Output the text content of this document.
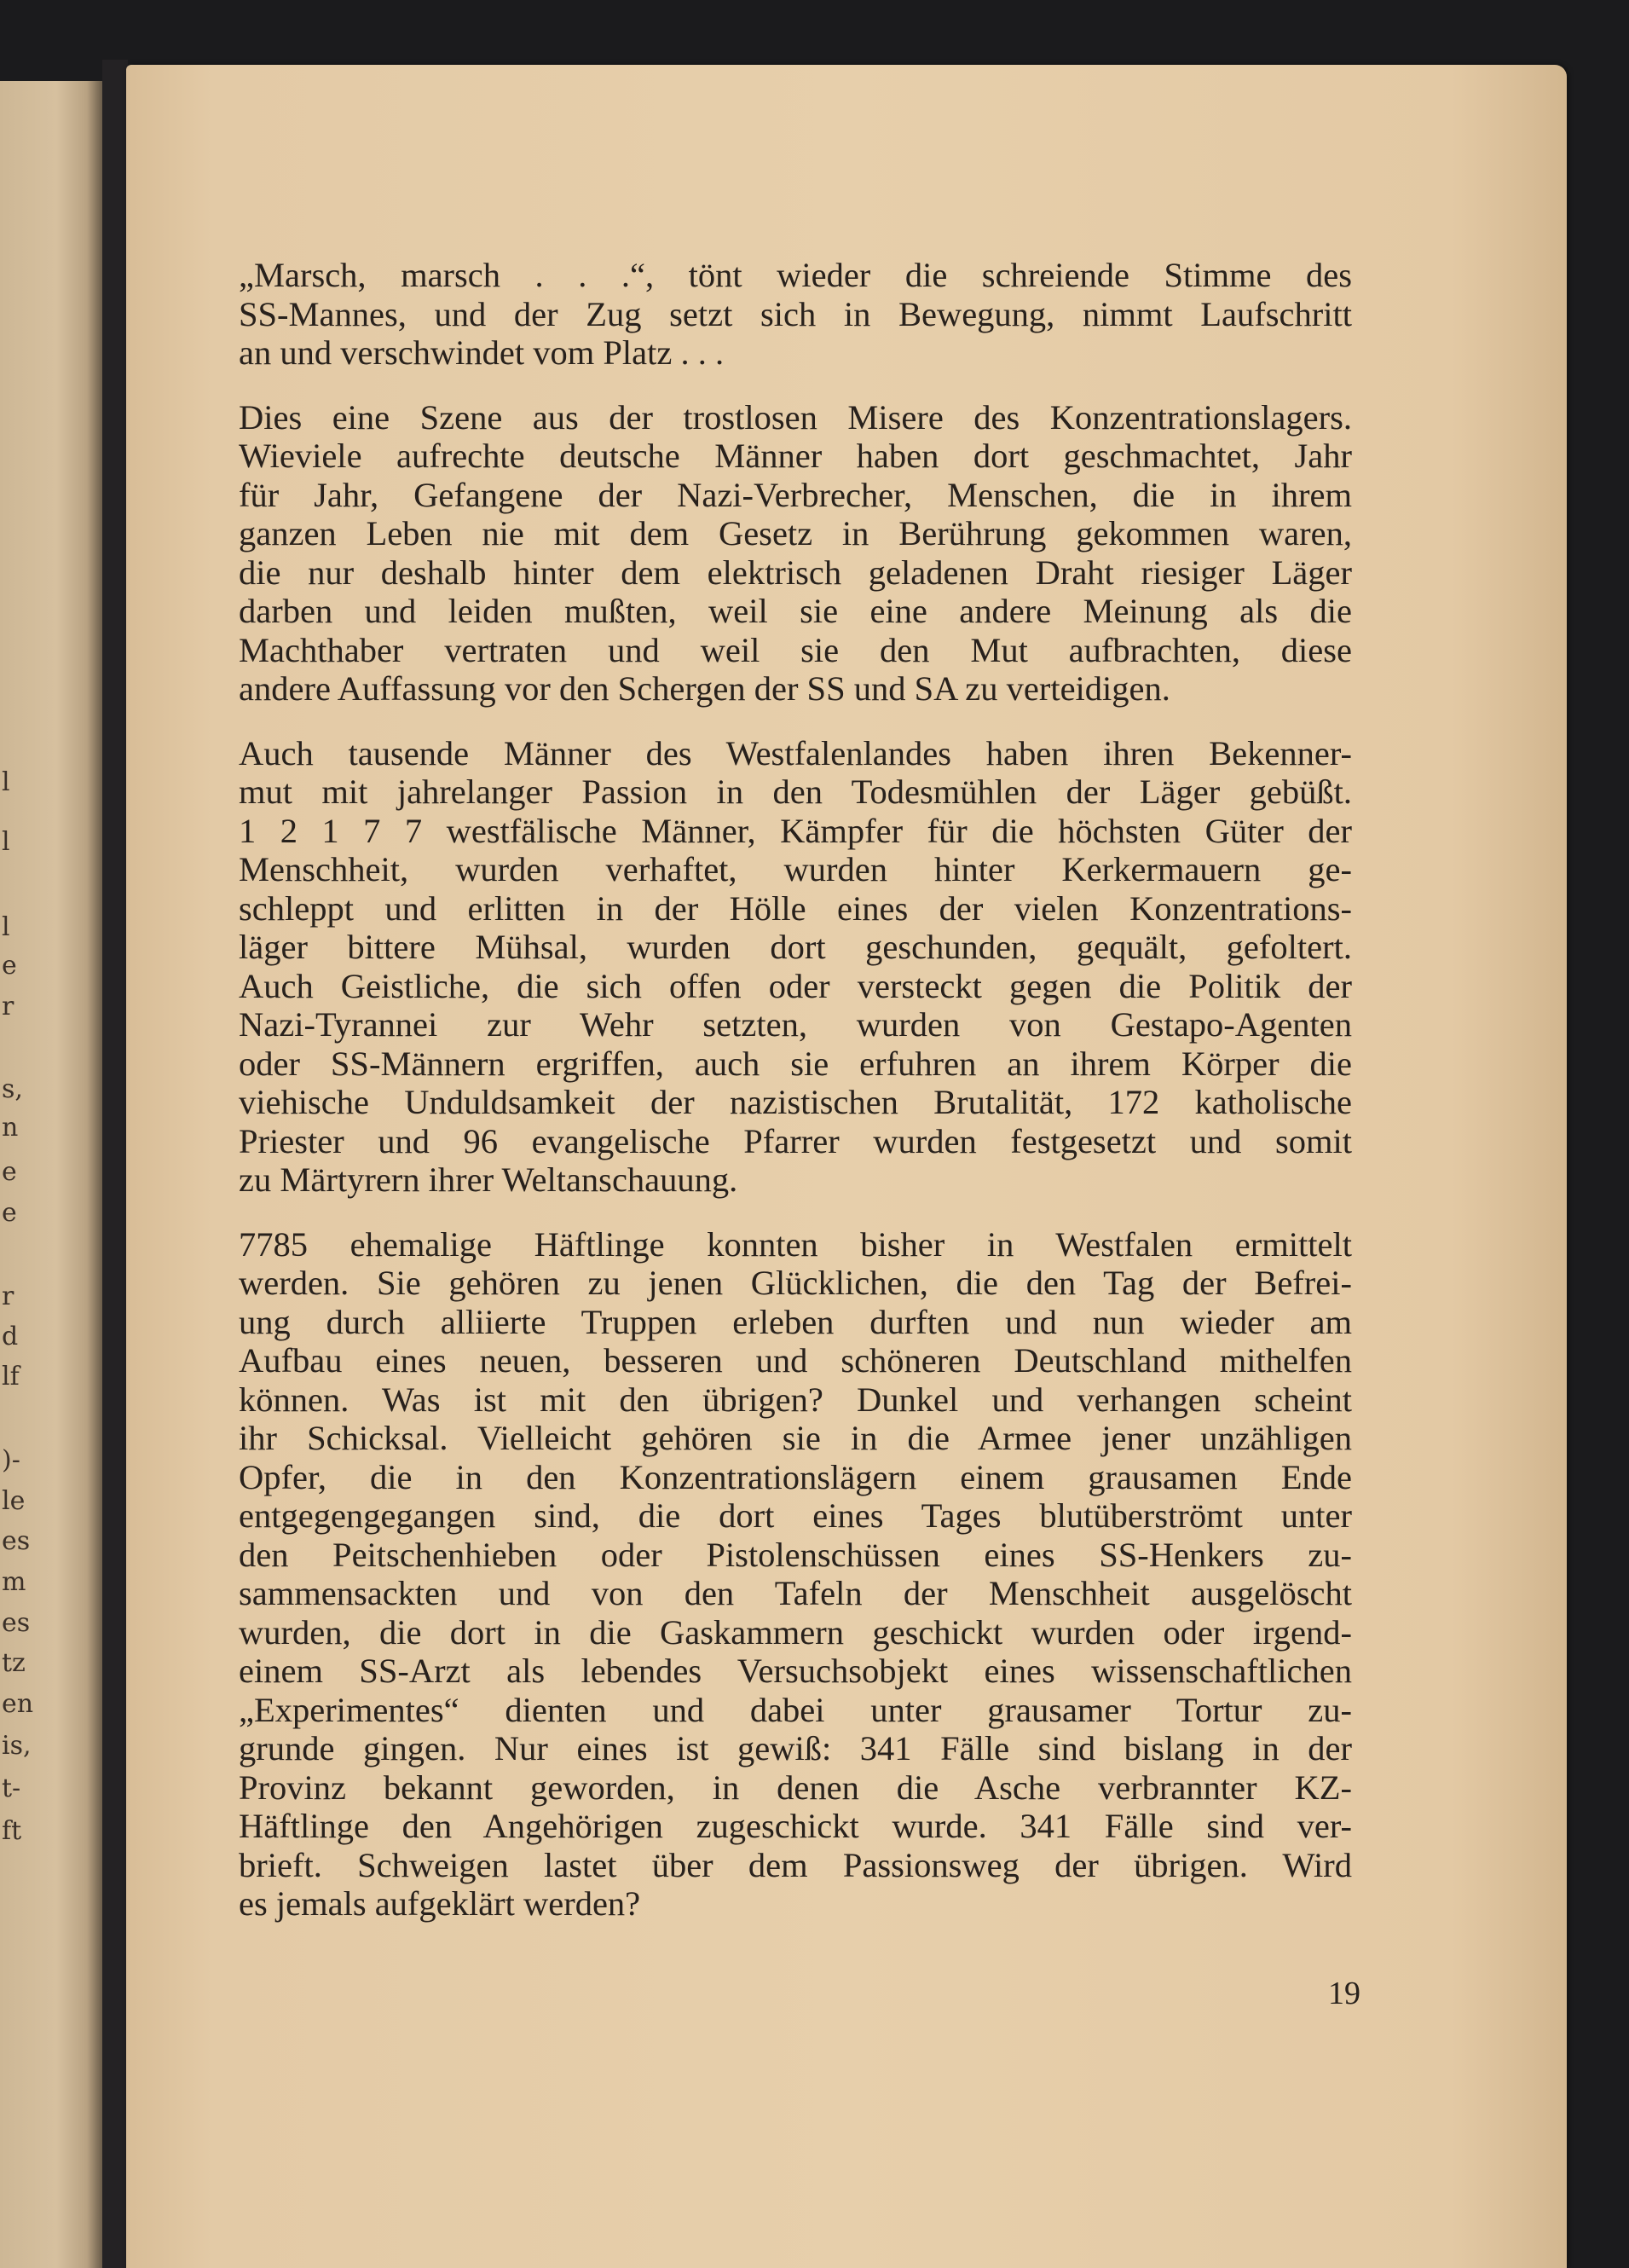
l
l
l
e
r
s,
n
e
e
r
d
lf
)-
le
es
m
es
tz
en
is,
t-
ft

„Marsch, marsch . . .“, tönt wieder die schreiende Stimme des
SS-Mannes, und der Zug setzt sich in Bewegung, nimmt Laufschritt
an und verschwindet vom Platz . . .

Dies eine Szene aus der trostlosen Misere des Konzentrationslagers.
Wieviele aufrechte deutsche Männer haben dort geschmachtet, Jahr
für Jahr, Gefangene der Nazi-Verbrecher, Menschen, die in ihrem
ganzen Leben nie mit dem Gesetz in Berührung gekommen waren,
die nur deshalb hinter dem elektrisch geladenen Draht riesiger Läger
darben und leiden mußten, weil sie eine andere Meinung als die
Machthaber vertraten und weil sie den Mut aufbrachten, diese
andere Auffassung vor den Schergen der SS und SA zu verteidigen.

Auch tausende Männer des Westfalenlandes haben ihren Bekenner-
mut mit jahrelanger Passion in den Todesmühlen der Läger gebüßt.
1 2 1 7 7 westfälische Männer, Kämpfer für die höchsten Güter der
Menschheit, wurden verhaftet, wurden hinter Kerkermauern ge-
schleppt und erlitten in der Hölle eines der vielen Konzentrations-
läger bittere Mühsal, wurden dort geschunden, gequält, gefoltert.
Auch Geistliche, die sich offen oder versteckt gegen die Politik der
Nazi-Tyrannei zur Wehr setzten, wurden von Gestapo-Agenten
oder SS-Männern ergriffen, auch sie erfuhren an ihrem Körper die
viehische Unduldsamkeit der nazistischen Brutalität, 172 katholische
Priester und 96 evangelische Pfarrer wurden festgesetzt und somit
zu Märtyrern ihrer Weltanschauung.

7785 ehemalige Häftlinge konnten bisher in Westfalen ermittelt
werden. Sie gehören zu jenen Glücklichen, die den Tag der Befrei-
ung durch alliierte Truppen erleben durften und nun wieder am
Aufbau eines neuen, besseren und schöneren Deutschland mithelfen
können. Was ist mit den übrigen? Dunkel und verhangen scheint
ihr Schicksal. Vielleicht gehören sie in die Armee jener unzähligen
Opfer, die in den Konzentrationslägern einem grausamen Ende
entgegengegangen sind, die dort eines Tages blutüberströmt unter
den Peitschenhieben oder Pistolenschüssen eines SS-Henkers zu-
sammensackten und von den Tafeln der Menschheit ausgelöscht
wurden, die dort in die Gaskammern geschickt wurden oder irgend-
einem SS-Arzt als lebendes Versuchsobjekt eines wissenschaftlichen
„Experimentes“ dienten und dabei unter grausamer Tortur zu-
grunde gingen. Nur eines ist gewiß: 341 Fälle sind bislang in der
Provinz bekannt geworden, in denen die Asche verbrannter KZ-
Häftlinge den Angehörigen zugeschickt wurde. 341 Fälle sind ver-
brieft. Schweigen lastet über dem Passionsweg der übrigen. Wird
es jemals aufgeklärt werden?

19
